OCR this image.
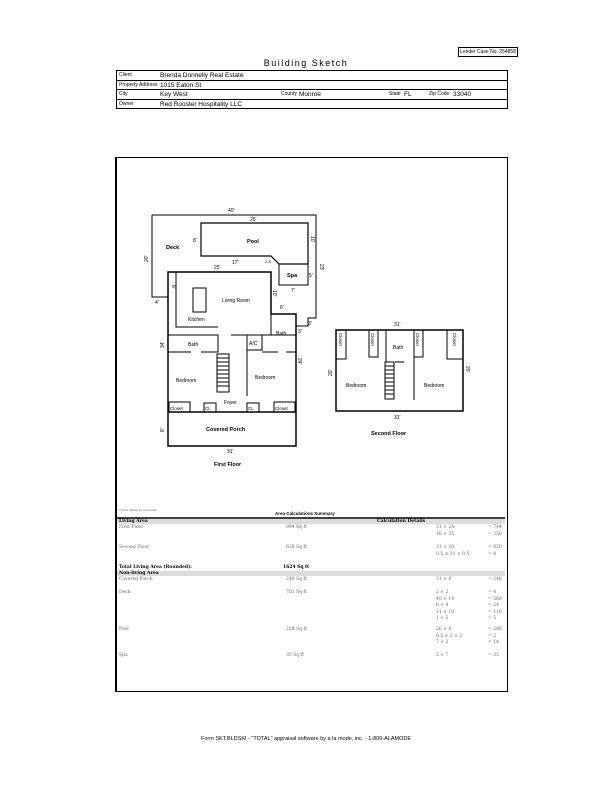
Lender Case No. 254858
Building Sketch
Client	Brenda Donnelly Real Estate
Property Address 1015 Eaton St
City	Key West	County Monroe	State FL	Zip Code 33040
Owner	Red Rooster Hospitality LLC
Deck
Pool
Spa
Covered Porch
First Floor
Second Floor
Living Room
Kitchen
Bath
Bath
A/C
Bedroom	Bedroom
Foyer
Closet	CL	CL	Closet
Bath
Bedroom	Bedroom
Closet	Closet	Closet	Closet
40'
26'
8'	10'
20'
17'
25'
2.8'
5'
23'
7'
6'
4'
10'
6'
3'
3'
34'
24'
8'
31'
31'
31'
20'
20'
TOTAL Sketch by a la mode
Area Calculations Summary
Living Area	Calculation Details
Total Living Area (Rounded):	1624 Sq ft
Non-living Area
First Floor	994 Sq ft	31 × 24	= 744
10 × 25	= 250
Second Floor	628 Sq ft	31 × 20	= 620
0.5 × 31 × 0.5	= 8
Covered Porch	248 Sq ft	31 × 8	= 248
Deck	703 Sq ft	2 × 2	= 4
40 × 14	= 560
6 × 4	= 24
11 × 10	= 110
1 × 5	= 5
Pool	224 Sq ft	26 × 8	= 208
0.5 × 2 × 2	= 2
7 × 2	= 14
Spa	35 Sq ft	5 × 7	= 35
Form SKT.BLDSKI - "TOTAL" appraisal software by a la mode, inc. - 1-800-ALAMODE
